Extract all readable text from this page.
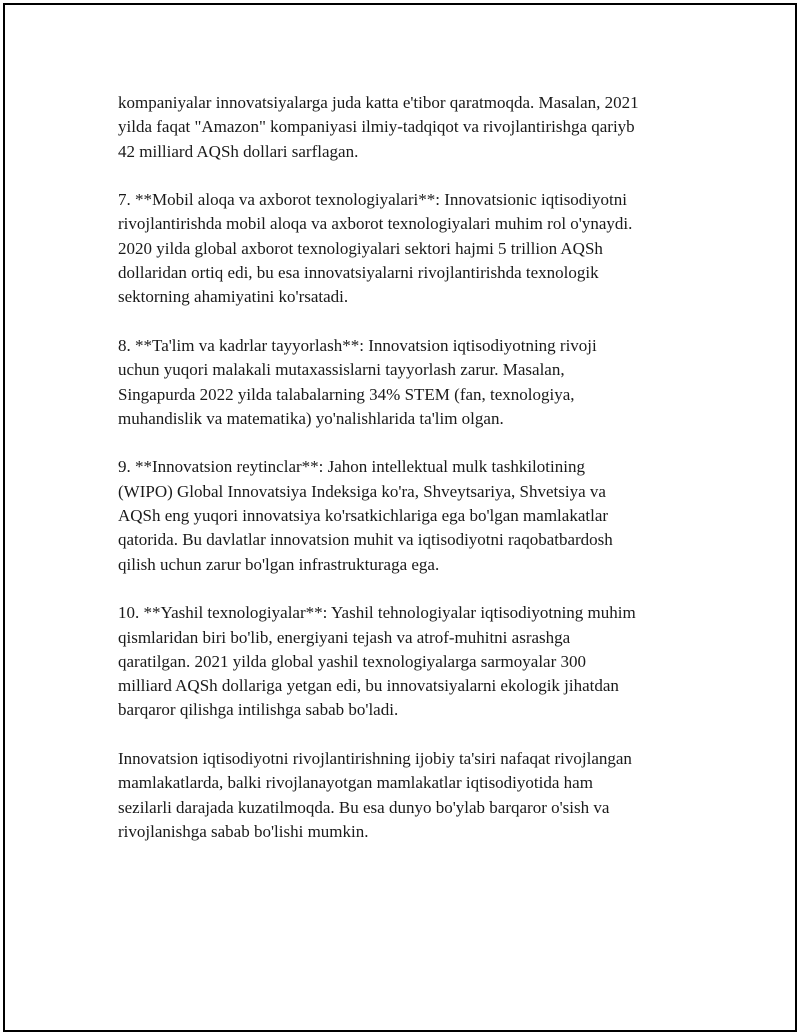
kompaniyalar innovatsiyalarga juda katta e'tibor qaratmoqda. Masalan, 2021
yilda faqat "Amazon" kompaniyasi ilmiy-tadqiqot va rivojlantirishga qariyb
42 milliard AQSh dollari sarflagan.

7. **Mobil aloqa va axborot texnologiyalari**: Innovatsionic iqtisodiyotni
rivojlantirishda mobil aloqa va axborot texnologiyalari muhim rol o'ynaydi.
2020 yilda global axborot texnologiyalari sektori hajmi 5 trillion AQSh
dollaridan ortiq edi, bu esa innovatsiyalarni rivojlantirishda texnologik
sektorning ahamiyatini ko'rsatadi.

8. **Ta'lim va kadrlar tayyorlash**: Innovatsion iqtisodiyotning rivoji
uchun yuqori malakali mutaxassislarni tayyorlash zarur. Masalan,
Singapurda 2022 yilda talabalarning 34% STEM (fan, texnologiya,
muhandislik va matematika) yo'nalishlarida ta'lim olgan.

9. **Innovatsion reytinclar**: Jahon intellektual mulk tashkilotining
(WIPO) Global Innovatsiya Indeksiga ko'ra, Shveytsariya, Shvetsiya va
AQSh eng yuqori innovatsiya ko'rsatkichlariga ega bo'lgan mamlakatlar
qatorida. Bu davlatlar innovatsion muhit va iqtisodiyotni raqobatbardosh
qilish uchun zarur bo'lgan infrastrukturaga ega.

10. **Yashil texnologiyalar**: Yashil tehnologiyalar iqtisodiyotning muhim
qismlaridan biri bo'lib, energiyani tejash va atrof-muhitni asrashga
qaratilgan. 2021 yilda global yashil texnologiyalarga sarmoyalar 300
milliard AQSh dollariga yetgan edi, bu innovatsiyalarni ekologik jihatdan
barqaror qilishga intilishga sabab bo'ladi.

Innovatsion iqtisodiyotni rivojlantirishning ijobiy ta'siri nafaqat rivojlangan
mamlakatlarda, balki rivojlanayotgan mamlakatlar iqtisodiyotida ham
sezilarli darajada kuzatilmoqda. Bu esa dunyo bo'ylab barqaror o'sish va
rivojlanishga sabab bo'lishi mumkin.
